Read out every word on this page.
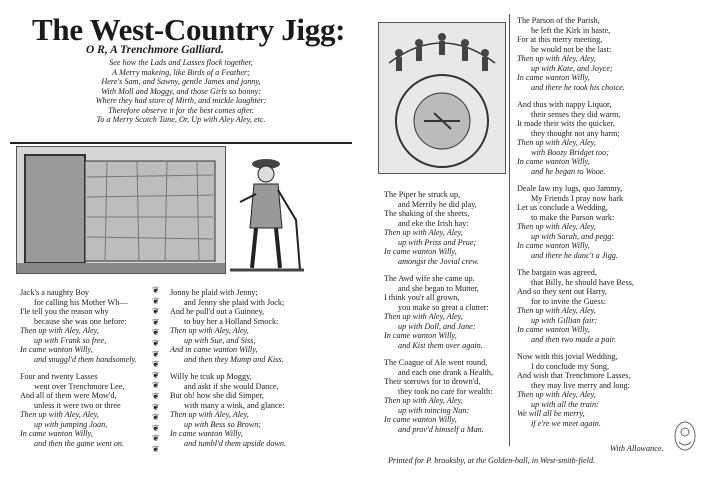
The West-Country Jigg:
O R, A Trenchmore Galliard.
See how the Lads and Lasses flock together,
A Merry makeing, like Birds of a Feather;
Here's Sam, and Sawny, gentle James and jonny,
With Moll and Moggy, and those Girls so bonny:
Where they had store of Mirth, and mickle laughter:
Therefore observe it for the best comes after.
To a Merry Scotch Tune, Or, Up with Aley Aley, etc.
Jack's a naughty Boy
for calling his Mother Wh—
I'le tell you the reason why
because she was one before:
Then up with Aley, Aley,
up with Frank so free,
In came wanton Willy,
and snuggl'd them handsomely.
Four and twenty Lasses
went over Trenchmore Lee,
And all of them were Mow'd,
unless it were two or three
Then up with Aley, Aley,
up with jumping Joan,
In came wanton Willy,
and then the game went on.
❦
❦
❦
❦
❦
❦
❦
❦
❦
❦
❦
❦
❦
❦
❦
❦
Jonny he plaid with Jenny;
and Jenny she plaid with Jock;
And he pull'd out a Guinney,
to buy her a Holland Smock:
Then up with Aley, Aley,
up with Sue, and Siss,
And in came wanton Willy,
and then they Mump and Kiss.
Willy he tcuk up Moggy,
and askt if she would Dance,
But oh! how she did Simper,
with many a wink, and glance:
Then up with Aley, Aley,
up with Bess so Brown;
In came wanton Willy,
and tumbl'd them upside down.
The Piper he struck up,
and Merrily he did play,
The shaking of the sheets,
and eke the Irish hay:
Then up with Aley, Aley,
up with Priss and Prue;
In came wanton Willy,
amongst the Jovial crew.
The Awd wife she came up.
and she began to Mutter,
I think you'r all grown,
you make so great a clutter:
Then up with Aley, Aley,
up with Doll, and Jane:
In came wanton Willy,
and Kist them over again.
The Coague of Ale went round,
and each one drank a Health,
Their sorrows for to drown'd,
they took no care for wealth:
Then up with Aley, Aley,
up with mincing Nan:
In came wanton Willy,
and prov'd himself a Man.
The Parson of the Parish,
he left the Kirk in haste,
For at this merry meeting,
he would not be the last:
Then up with Aley, Aley,
up with Kate, and Joyce;
In came wanton Willy,
and there he took his choice.
And thus with nappy Liquor,
their senses they did warm,
It made their wits the quicker,
they thought not any harm;
Then up with Aley, Aley,
with Boozy Bridget too;
In came wanton Willy,
and he began to Wooe.
Deale faw my lugs, quo Jammy,
My Friends I pray now hark
Let us conclude a Wedding,
to make the Parson wark:
Then up with Aley, Aley,
up with Sarah, and pegg:
In came wanton Willy,
and there he danc't a Jigg.
The bargain was agreed,
that Billy, he should have Bess,
And so they sent out Harry,
for to invite the Guess:
Then up with Aley, Aley,
up with Gillian fair:
In came wanton Willy,
and then two made a pair.
Now with this jovial Wedding,
I do conclude my Song,
And wish that Trenchmore Lasses,
they may live merry and long:
Then up with Aley, Aley,
up with all the train:
We will all be merry,
if e're we meet again.
With Allowance.
Printed for P. brooksby, at the Golden-ball, in West-smith-field.
